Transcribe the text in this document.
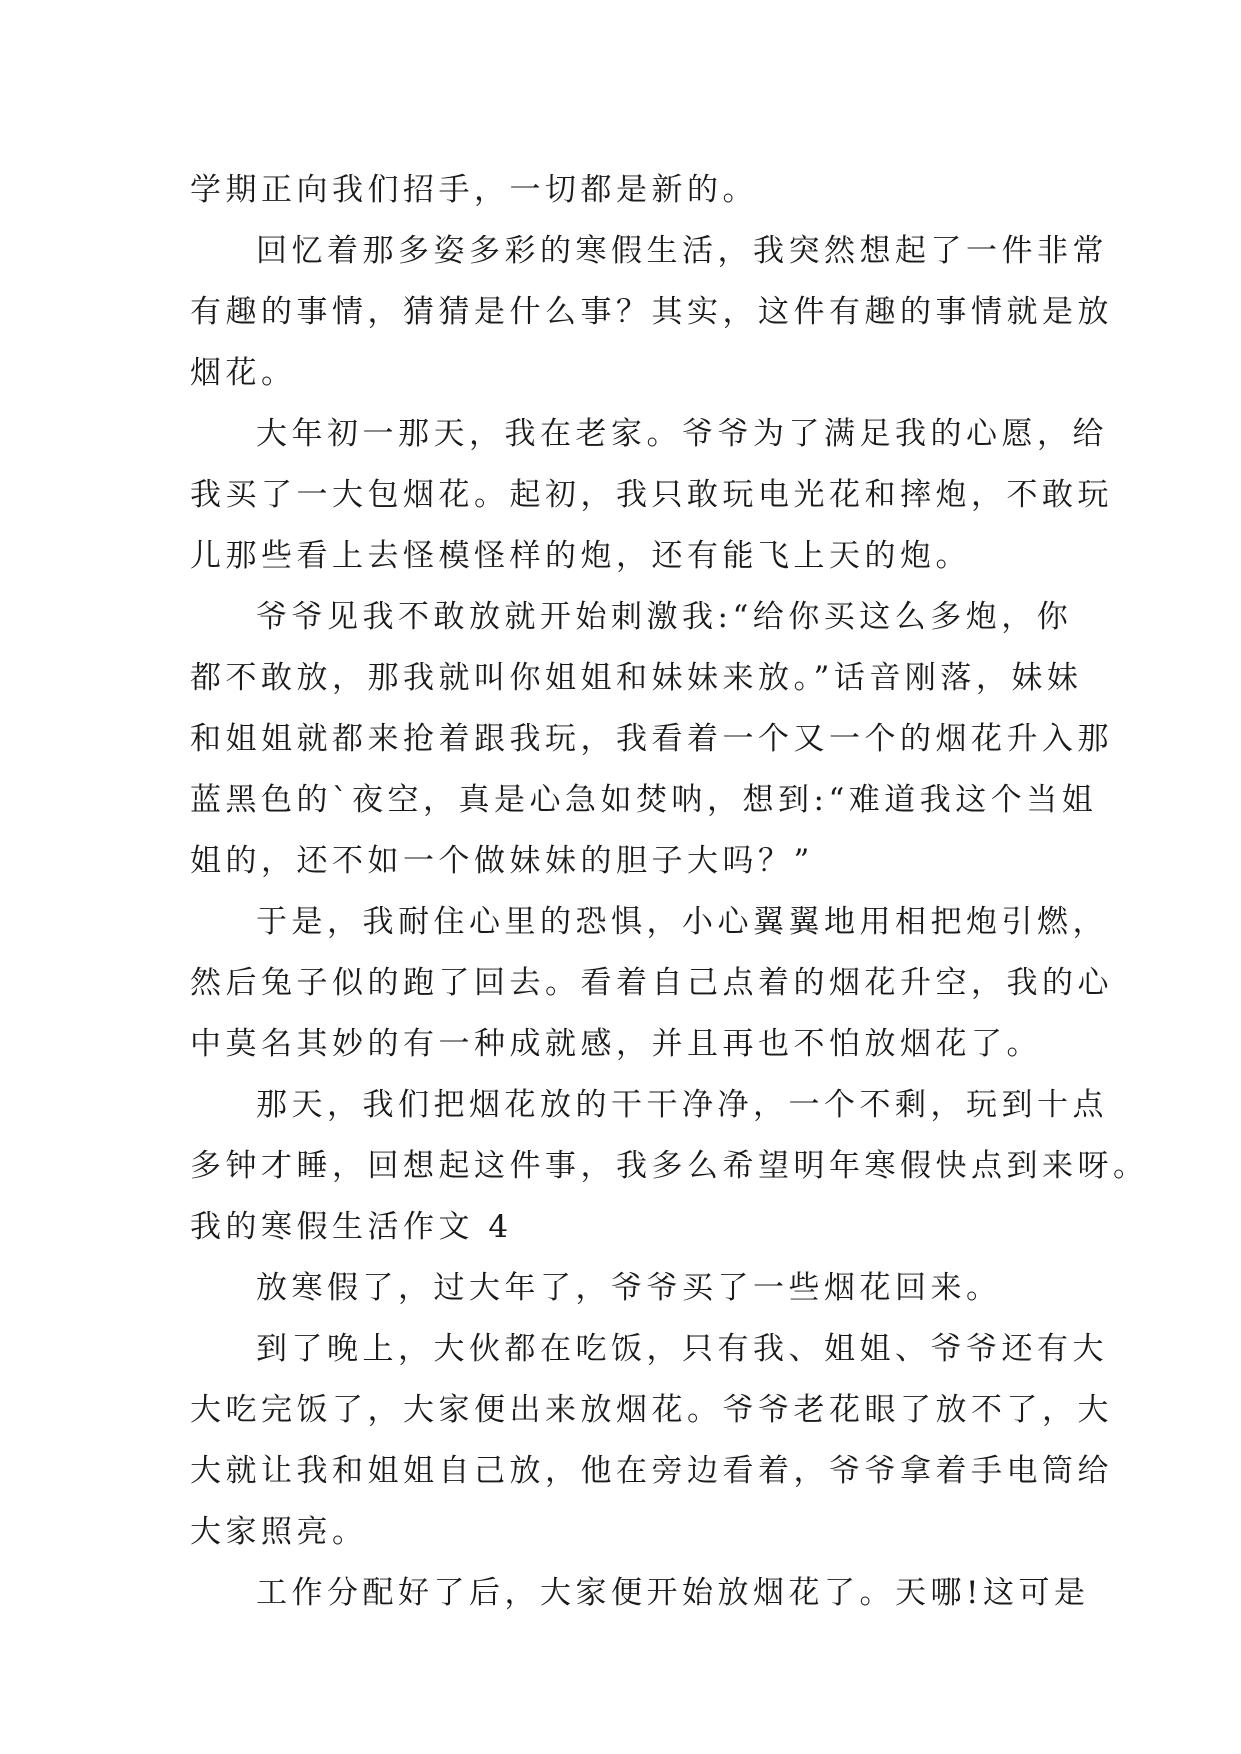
学期正向我们招手，一切都是新的。
回忆着那多姿多彩的寒假生活，我突然想起了一件非常
有趣的事情，猜猜是什么事？其实，这件有趣的事情就是放
烟花。
大年初一那天，我在老家。爷爷为了满足我的心愿，给
我买了一大包烟花。起初，我只敢玩电光花和摔炮，不敢玩
儿那些看上去怪模怪样的炮，还有能飞上天的炮。
爷爷见我不敢放就开始刺激我:“给你买这么多炮，你
都不敢放，那我就叫你姐姐和妹妹来放。”话音刚落，妹妹
和姐姐就都来抢着跟我玩，我看着一个又一个的烟花升入那
蓝黑色的`夜空，真是心急如焚呐，想到:“难道我这个当姐
姐的，还不如一个做妹妹的胆子大吗？”
于是，我耐住心里的恐惧，小心翼翼地用相把炮引燃，
然后兔子似的跑了回去。看着自己点着的烟花升空，我的心
中莫名其妙的有一种成就感，并且再也不怕放烟花了。
那天，我们把烟花放的干干净净，一个不剩，玩到十点
多钟才睡，回想起这件事，我多么希望明年寒假快点到来呀。
我的寒假生活作文 4
放寒假了，过大年了，爷爷买了一些烟花回来。
到了晚上，大伙都在吃饭，只有我、姐姐、爷爷还有大
大吃完饭了，大家便出来放烟花。爷爷老花眼了放不了，大
大就让我和姐姐自己放，他在旁边看着，爷爷拿着手电筒给
大家照亮。
工作分配好了后，大家便开始放烟花了。天哪!这可是
